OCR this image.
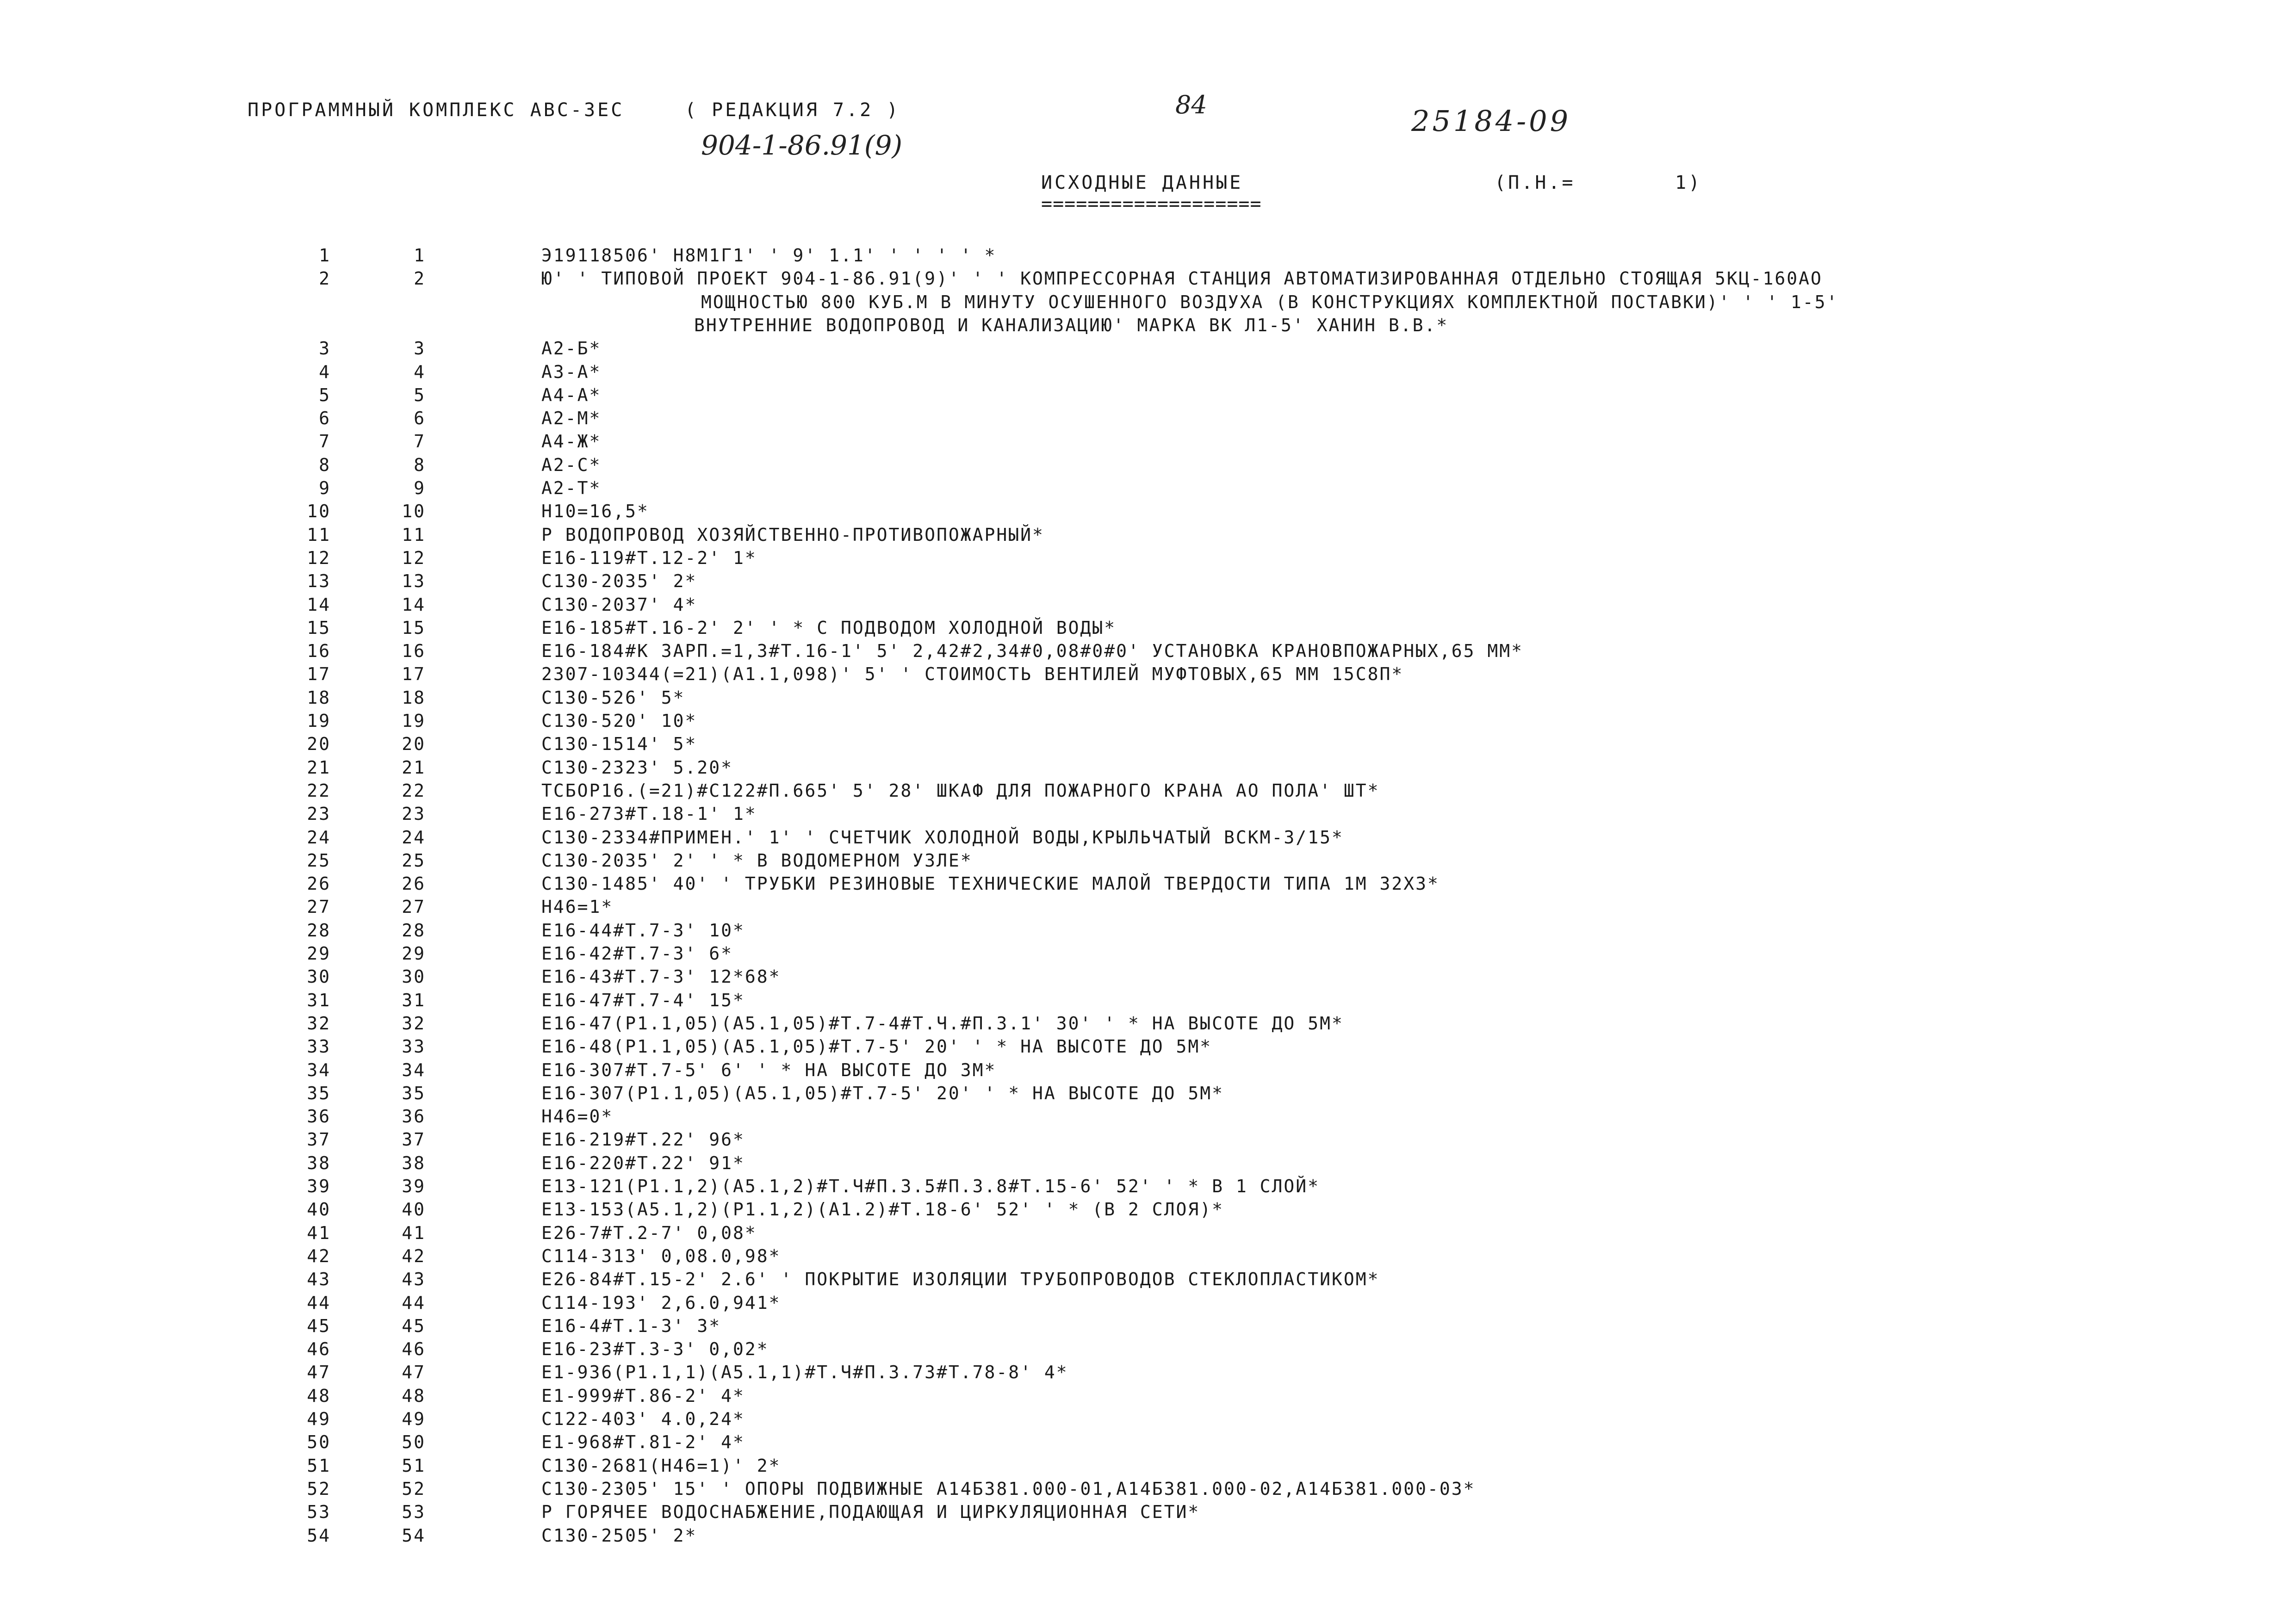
ПРОГРАММНЫЙ КОМПЛЕКС АВС-3ЕС	( РЕДАКЦИЯ 7.2 )	84	25184-09
904-1-86.91(9)
ИСХОДНЫЕ ДАННЫЕ
===================
(П.Н.=	1)
1	1	Э19118506' Н8М1Г1' ' 9' 1.1' ' ' ' ' *
2	2	Ю' ' ТИПОВОЙ ПРОЕКТ 904-1-86.91(9)' ' ' КОМПРЕССОРНАЯ СТАНЦИЯ АВТОМАТИЗИРОВАННАЯ ОТДЕЛЬНО СТОЯЩАЯ 5КЦ-160АО
МОЩНОСТЬЮ 800 КУБ.М В МИНУТУ ОСУШЕННОГО ВОЗДУХА (В КОНСТРУКЦИЯХ КОМПЛЕКТНОЙ ПОСТАВКИ)' ' ' 1-5'
ВНУТРЕННИЕ ВОДОПРОВОД И КАНАЛИЗАЦИЮ' МАРКА ВК Л1-5' ХАНИН В.В.*
3	3	А2-Б*
4	4	А3-А*
5	5	А4-А*
6	6	А2-М*
7	7	А4-Ж*
8	8	А2-С*
9	9	А2-Т*
10	10	Н10=16,5*
11	11	Р ВОДОПРОВОД ХОЗЯЙСТВЕННО-ПРОТИВОПОЖАРНЫЙ*
12	12	Е16-119#Т.12-2' 1*
13	13	С130-2035' 2*
14	14	С130-2037' 4*
15	15	Е16-185#Т.16-2' 2' ' * С ПОДВОДОМ ХОЛОДНОЙ ВОДЫ*
16	16	Е16-184#К ЗАРП.=1,3#Т.16-1' 5' 2,42#2,34#0,08#0#0' УСТАНОВКА КРАНОВПОЖАРНЫХ,65 ММ*
17	17	2307-10344(=21)(А1.1,098)' 5' ' СТОИМОСТЬ ВЕНТИЛЕЙ МУФТОВЫХ,65 ММ 15С8П*
18	18	С130-526' 5*
19	19	С130-520' 10*
20	20	С130-1514' 5*
21	21	С130-2323' 5.20*
22	22	ТСБОР16.(=21)#С122#П.665' 5' 28' ШКАФ ДЛЯ ПОЖАРНОГО КРАНА АО ПОЛА' ШТ*
23	23	Е16-273#Т.18-1' 1*
24	24	С130-2334#ПРИМЕН.' 1' ' СЧЕТЧИК ХОЛОДНОЙ ВОДЫ,КРЫЛЬЧАТЫЙ ВСКМ-3/15*
25	25	С130-2035' 2' ' * В ВОДОМЕРНОМ УЗЛЕ*
26	26	С130-1485' 40' ' ТРУБКИ РЕЗИНОВЫЕ ТЕХНИЧЕСКИЕ МАЛОЙ ТВЕРДОСТИ ТИПА 1М 32Х3*
27	27	Н46=1*
28	28	Е16-44#Т.7-3' 10*
29	29	Е16-42#Т.7-3' 6*
30	30	Е16-43#Т.7-3' 12*68*
31	31	Е16-47#Т.7-4' 15*
32	32	Е16-47(Р1.1,05)(А5.1,05)#Т.7-4#Т.Ч.#П.3.1' 30' ' * НА ВЫСОТЕ ДО 5М*
33	33	Е16-48(Р1.1,05)(А5.1,05)#Т.7-5' 20' ' * НА ВЫСОТЕ ДО 5М*
34	34	Е16-307#Т.7-5' 6' ' * НА ВЫСОТЕ ДО 3М*
35	35	Е16-307(Р1.1,05)(А5.1,05)#Т.7-5' 20' ' * НА ВЫСОТЕ ДО 5М*
36	36	Н46=0*
37	37	Е16-219#Т.22' 96*
38	38	Е16-220#Т.22' 91*
39	39	Е13-121(Р1.1,2)(А5.1,2)#Т.Ч#П.3.5#П.3.8#Т.15-6' 52' ' * В 1 СЛОЙ*
40	40	Е13-153(А5.1,2)(Р1.1,2)(А1.2)#Т.18-6' 52' ' * (В 2 СЛОЯ)*
41	41	Е26-7#Т.2-7' 0,08*
42	42	С114-313' 0,08.0,98*
43	43	Е26-84#Т.15-2' 2.6' ' ПОКРЫТИЕ ИЗОЛЯЦИИ ТРУБОПРОВОДОВ СТЕКЛОПЛАСТИКОМ*
44	44	С114-193' 2,6.0,941*
45	45	Е16-4#Т.1-3' 3*
46	46	Е16-23#Т.3-3' 0,02*
47	47	Е1-936(Р1.1,1)(А5.1,1)#Т.Ч#П.3.73#Т.78-8' 4*
48	48	Е1-999#Т.86-2' 4*
49	49	С122-403' 4.0,24*
50	50	Е1-968#Т.81-2' 4*
51	51	С130-2681(Н46=1)' 2*
52	52	С130-2305' 15' ' ОПОРЫ ПОДВИЖНЫЕ А14Б381.000-01,А14Б381.000-02,А14Б381.000-03*
53	53	Р ГОРЯЧЕЕ ВОДОСНАБЖЕНИЕ,ПОДАЮЩАЯ И ЦИРКУЛЯЦИОННАЯ СЕТИ*
54	54	С130-2505' 2*
